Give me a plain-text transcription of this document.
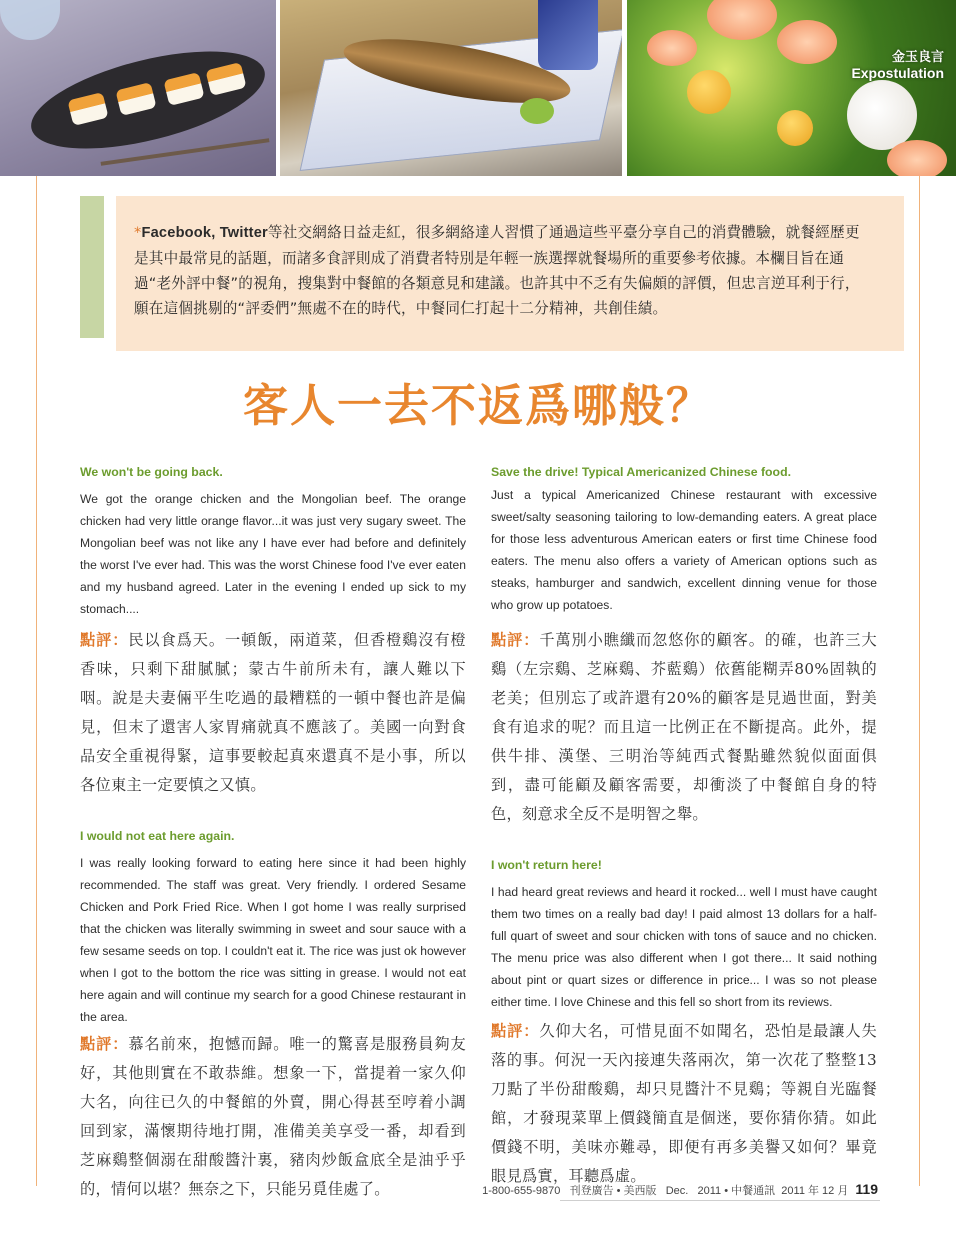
金玉良言
Expostulation
*Facebook, Twitter等社交網絡日益走紅，很多網絡達人習慣了通過這些平臺分享自己的消費體驗，就餐經歷更是其中最常見的話題，而諸多食評則成了消費者特別是年輕一族選擇就餐場所的重要參考依據。本欄目旨在通過“老外評中餐”的視角，搜集對中餐館的各類意見和建議。也許其中不乏有失偏頗的評價，但忠言逆耳利于行，願在這個挑剔的“評委們”無處不在的時代，中餐同仁打起十二分精神，共創佳績。
客人一去不返爲哪般？

We won't be going back.

We got the orange chicken and the Mongolian beef. The orange chicken had very little orange flavor...it was just very sugary sweet. The Mongolian beef was not like any I have ever had before and definitely the worst I've ever had. This was the worst Chinese food I've ever eaten and my husband agreed. Later in the evening I ended up sick to my stomach....

點評：民以食爲天。一頓飯，兩道菜，但香橙鷄沒有橙香味，只剩下甜膩膩；蒙古牛前所未有，讓人難以下咽。說是夫妻倆平生吃過的最糟糕的一頓中餐也許是偏見，但末了還害人家胃痛就真不應該了。美國一向對食品安全重視得緊，這事要較起真來還真不是小事，所以各位東主一定要慎之又慎。

I would not eat here again.

I was really looking forward to eating here since it had been highly recommended. The staff was great. Very friendly. I ordered Sesame Chicken and Pork Fried Rice. When I got home I was really surprised that the chicken was literally swimming in sweet and sour sauce with a few sesame seeds on top. I couldn't eat it. The rice was just ok however when I got to the bottom the rice was sitting in grease. I would not eat here again and will continue my search for a good Chinese restaurant in the area.

點評：慕名前來，抱憾而歸。唯一的驚喜是服務員夠友好，其他則實在不敢恭維。想象一下，當提着一家久仰大名，向往已久的中餐館的外賣，開心得甚至哼着小調回到家，滿懷期待地打開，准備美美享受一番，却看到芝麻鷄整個溺在甜酸醬汁裏，豬肉炒飯盒底全是油乎乎的，情何以堪？無奈之下，只能另覓佳處了。

Save the drive! Typical Americanized Chinese food.

Just a typical Americanized Chinese restaurant with excessive sweet/salty seasoning tailoring to low-demanding eaters. A great place for those less adventurous American eaters or first time Chinese food eaters. The menu also offers a variety of American options such as steaks, hamburger and sandwich, excellent dinning venue for those who grow up potatoes.

點評：千萬別小瞧纖而忽悠你的顧客。的確，也許三大鷄（左宗鷄、芝麻鷄、芥藍鷄）依舊能糊弄80%固執的老美；但別忘了或許還有20%的顧客是見過世面，對美食有追求的呢？而且這一比例正在不斷提高。此外，提供牛排、漢堡、三明治等純西式餐點雖然貌似面面俱到，盡可能顧及顧客需要，却衝淡了中餐館自身的特色，刻意求全反不是明智之舉。

I won't return here!

I had heard great reviews and heard it rocked... well I must have caught them two times on a really bad day! I paid almost 13 dollars for a half-full quart of sweet and sour chicken with tons of sauce and no chicken. The menu price was also different when I got there... It said nothing about pint or quart sizes or difference in price... I was so not please either time. I love Chinese and this fell so short from its reviews.

點評：久仰大名，可惜見面不如聞名，恐怕是最讓人失落的事。何況一天內接連失落兩次，第一次花了整整13刀點了半份甜酸鷄，却只見醬汁不見鷄；等親自光臨餐館，才發現菜單上價錢簡直是個迷，要你猜你猜。如此價錢不明，美味亦難尋，即便有再多美譽又如何？畢竟眼見爲實，耳聽爲虛。

1-800-655-9870 刊登廣告 • 美西版 Dec. 2011 • 中餐通訊 2011 年 12 月 119
